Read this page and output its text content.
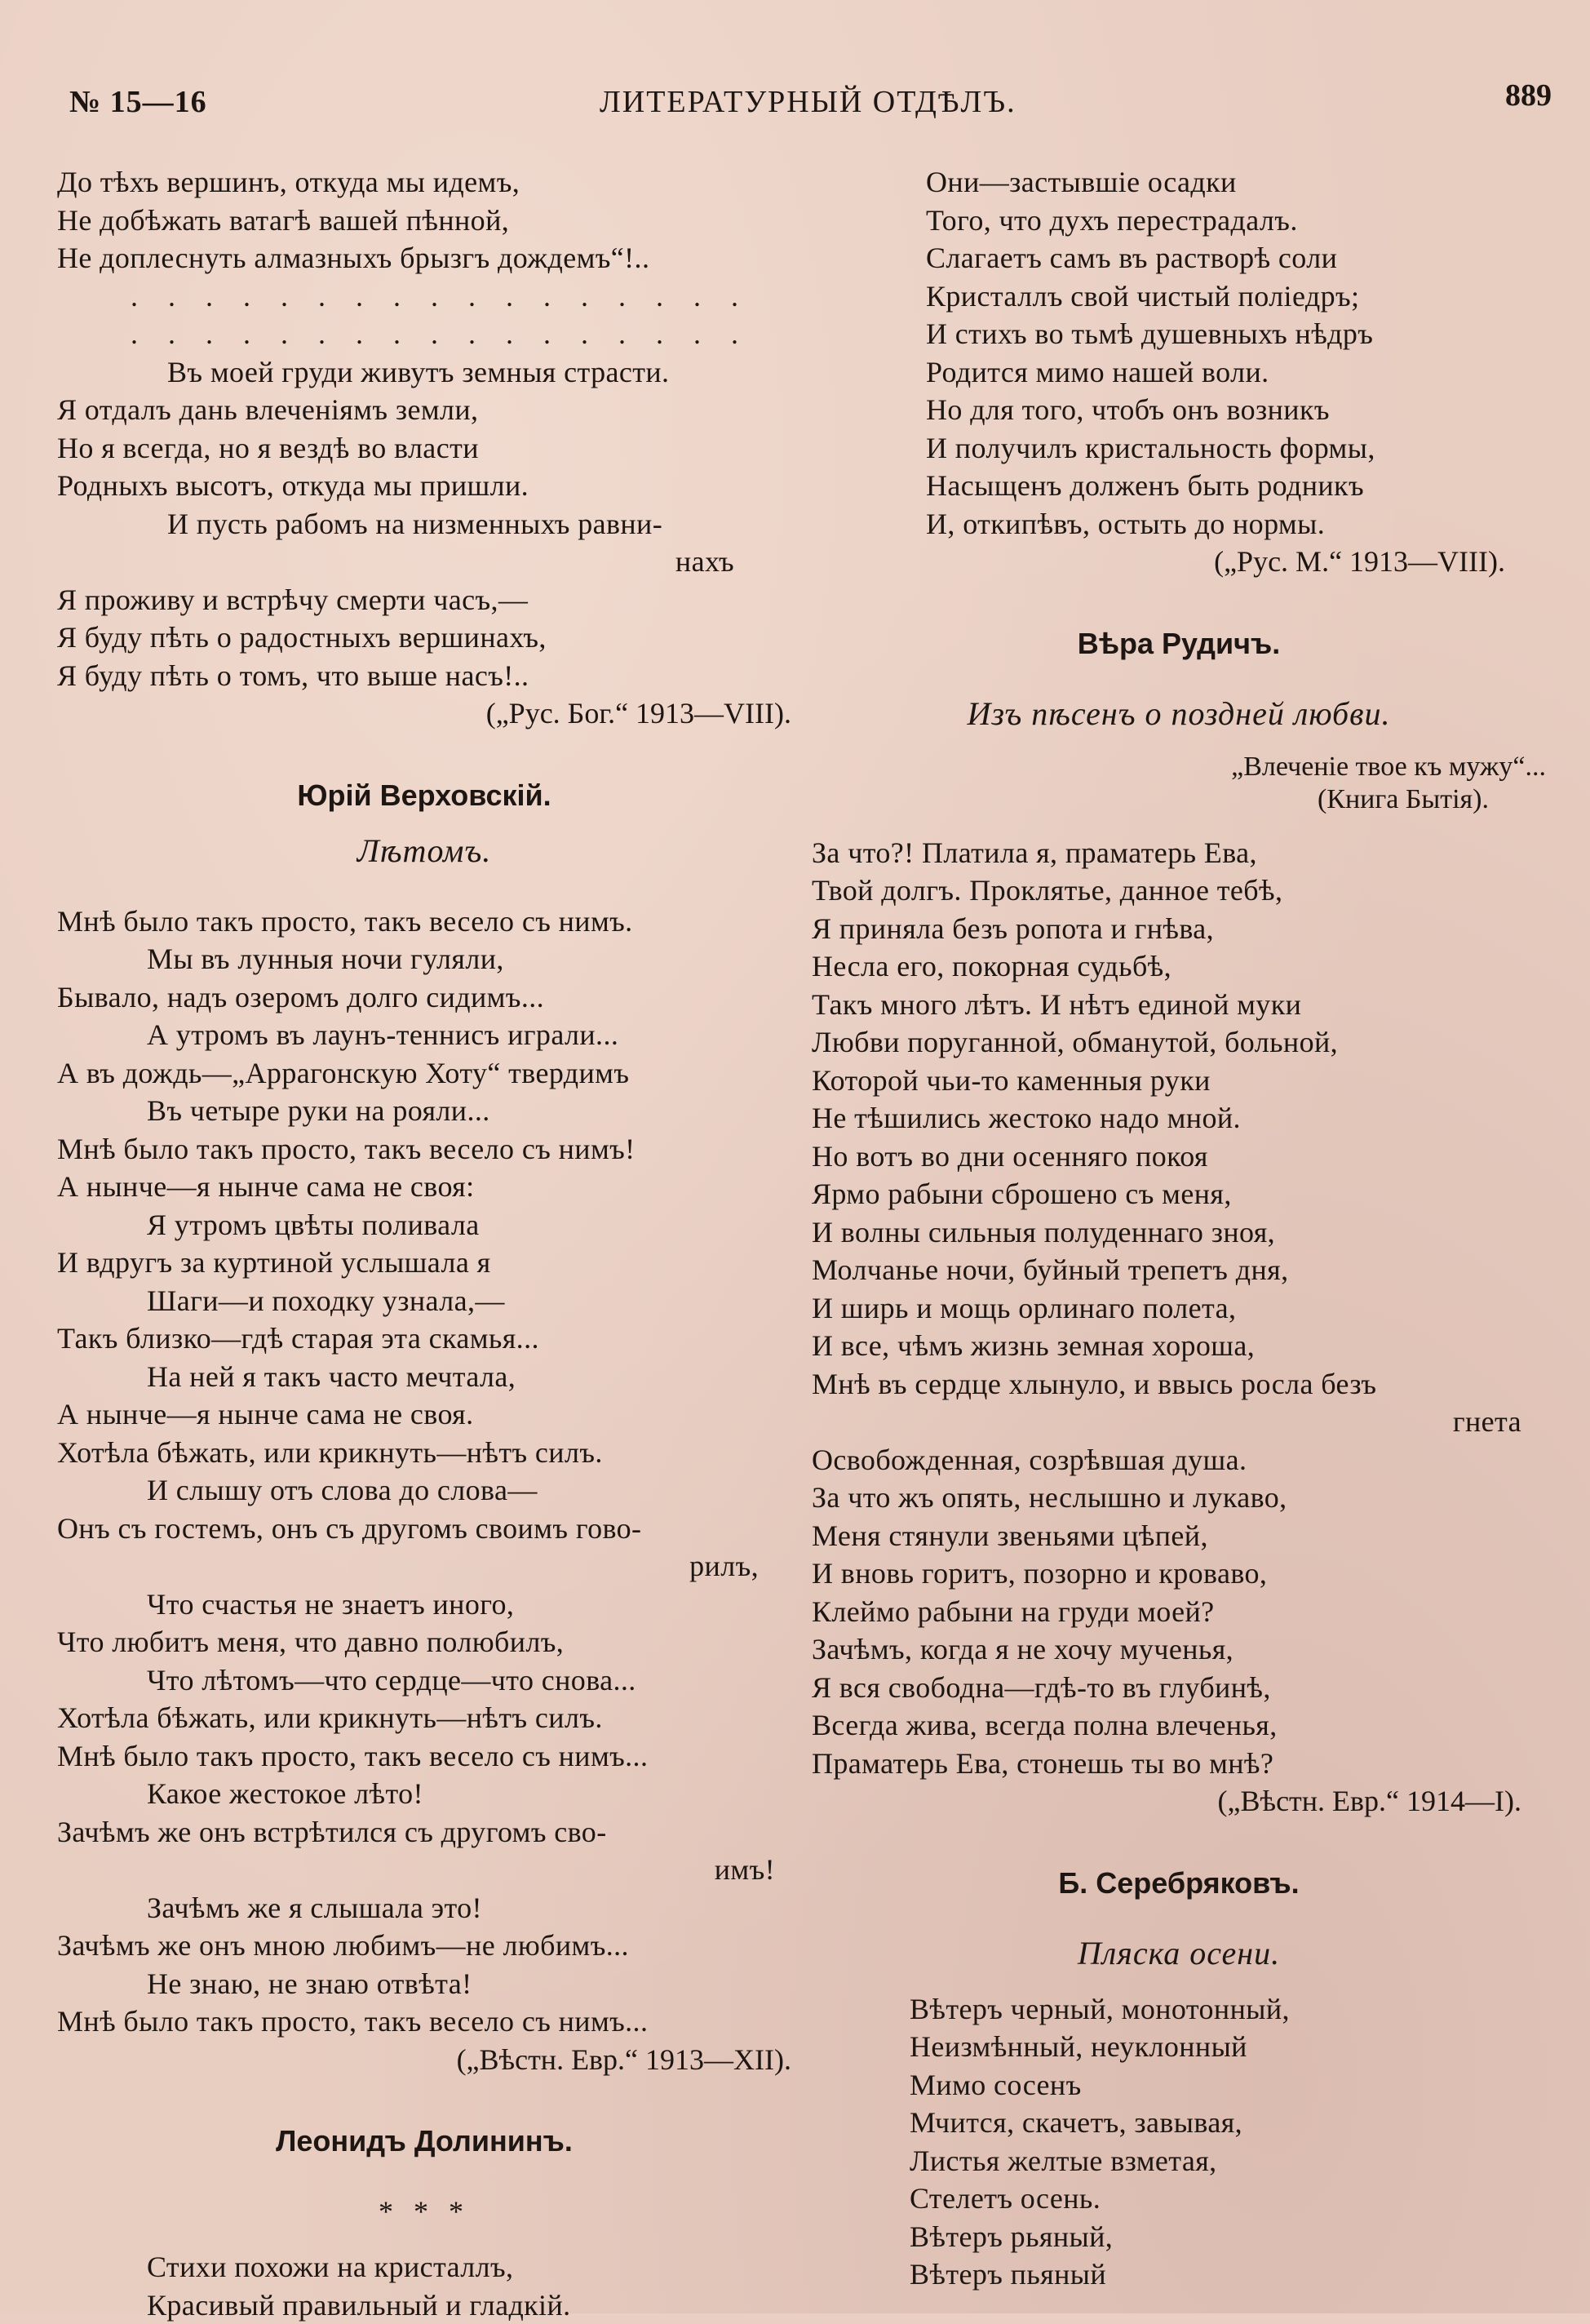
№ 15—16	ЛИТЕРАТУРНЫЙ ОТДѢЛЪ.	889
До тѣхъ вершинъ, откуда мы идемъ,
Не добѣжать ватагѣ вашей пѣнной,
Не доплеснуть алмазныхъ брызгъ дождемъ“!..
. . . . . . . . . . . . . . . . .
. . . . . . . . . . . . . . . . .
Въ моей груди живутъ земныя страсти.
Я отдалъ дань влеченіямъ земли,
Но я всегда, но я вездѣ во власти
Родныхъ высотъ, откуда мы пришли.
И пусть рабомъ на низменныхъ равни-
нахъ
Я проживу и встрѣчу смерти часъ,—
Я буду пѣть о радостныхъ вершинахъ,
Я буду пѣть о томъ, что выше насъ!..
(„Рус. Бог.“ 1913—VIII).
Юрій Верховскій.
Лѣтомъ.
Мнѣ было такъ просто, такъ весело съ нимъ.
Мы въ лунныя ночи гуляли,
Бывало, надъ озеромъ долго сидимъ...
А утромъ въ лаунъ-теннисъ играли...
А въ дождь—„Аррагонскую Хоту“ твердимъ
Въ четыре руки на рояли...
Мнѣ было такъ просто, такъ весело съ нимъ!
А нынче—я нынче сама не своя:
Я утромъ цвѣты поливала
И вдругъ за куртиной услышала я
Шаги—и походку узнала,—
Такъ близко—гдѣ старая эта скамья...
На ней я такъ часто мечтала,
А нынче—я нынче сама не своя.
Хотѣла бѣжать, или крикнуть—нѣтъ силъ.
И слышу отъ слова до слова—
Онъ съ гостемъ, онъ съ другомъ своимъ гово-
рилъ,
Что счастья не знаетъ иного,
Что любитъ меня, что давно полюбилъ,
Что лѣтомъ—что сердце—что снова...
Хотѣла бѣжать, или крикнуть—нѣтъ силъ.
Мнѣ было такъ просто, такъ весело съ нимъ...
Какое жестокое лѣто!
Зачѣмъ же онъ встрѣтился съ другомъ сво-
имъ!
Зачѣмъ же я слышала это!
Зачѣмъ же онъ мною любимъ—не любимъ...
Не знаю, не знаю отвѣта!
Мнѣ было такъ просто, такъ весело съ нимъ...
(„Вѣстн. Евр.“ 1913—XII).
Леонидъ Долининъ.
* * *
Стихи похожи на кристаллъ,
Красивый правильный и гладкій.
Они—застывшіе осадки
Того, что духъ перестрадалъ.
Слагаетъ самъ въ растворѣ соли
Кристаллъ свой чистый поліедръ;
И стихъ во тьмѣ душевныхъ нѣдръ
Родится мимо нашей воли.
Но для того, чтобъ онъ возникъ
И получилъ кристальность формы,
Насыщенъ долженъ быть родникъ
И, откипѣвъ, остыть до нормы.
(„Рус. М.“ 1913—VIII).
Вѣра Рудичъ.
Изъ пѣсенъ о поздней любви.
„Влеченіе твое къ мужу“...
(Книга Бытія).
За что?! Платила я, праматерь Ева,
Твой долгъ. Проклятье, данное тебѣ,
Я приняла безъ ропота и гнѣва,
Несла его, покорная судьбѣ,
Такъ много лѣтъ. И нѣтъ единой муки
Любви поруганной, обманутой, больной,
Которой чьи-то каменныя руки
Не тѣшились жестоко надо мной.
Но вотъ во дни осенняго покоя
Ярмо рабыни сброшено съ меня,
И волны сильныя полуденнаго зноя,
Молчанье ночи, буйный трепетъ дня,
И ширь и мощь орлинаго полета,
И все, чѣмъ жизнь земная хороша,
Мнѣ въ сердце хлынуло, и ввысь росла безъ
гнета
Освобожденная, созрѣвшая душа.
За что жъ опять, неслышно и лукаво,
Меня стянули звеньями цѣпей,
И вновь горитъ, позорно и кроваво,
Клеймо рабыни на груди моей?
Зачѣмъ, когда я не хочу мученья,
Я вся свободна—гдѣ-то въ глубинѣ,
Всегда жива, всегда полна влеченья,
Праматерь Ева, стонешь ты во мнѣ?
(„Вѣстн. Евр.“ 1914—I).
Б. Серебряковъ.
Пляска осени.
Вѣтеръ черный, монотонный,
Неизмѣнный, неуклонный
Мимо сосенъ
Мчится, скачетъ, завывая,
Листья желтые взметая,
Стелетъ осень.
Вѣтеръ рьяный,
Вѣтеръ пьяный
